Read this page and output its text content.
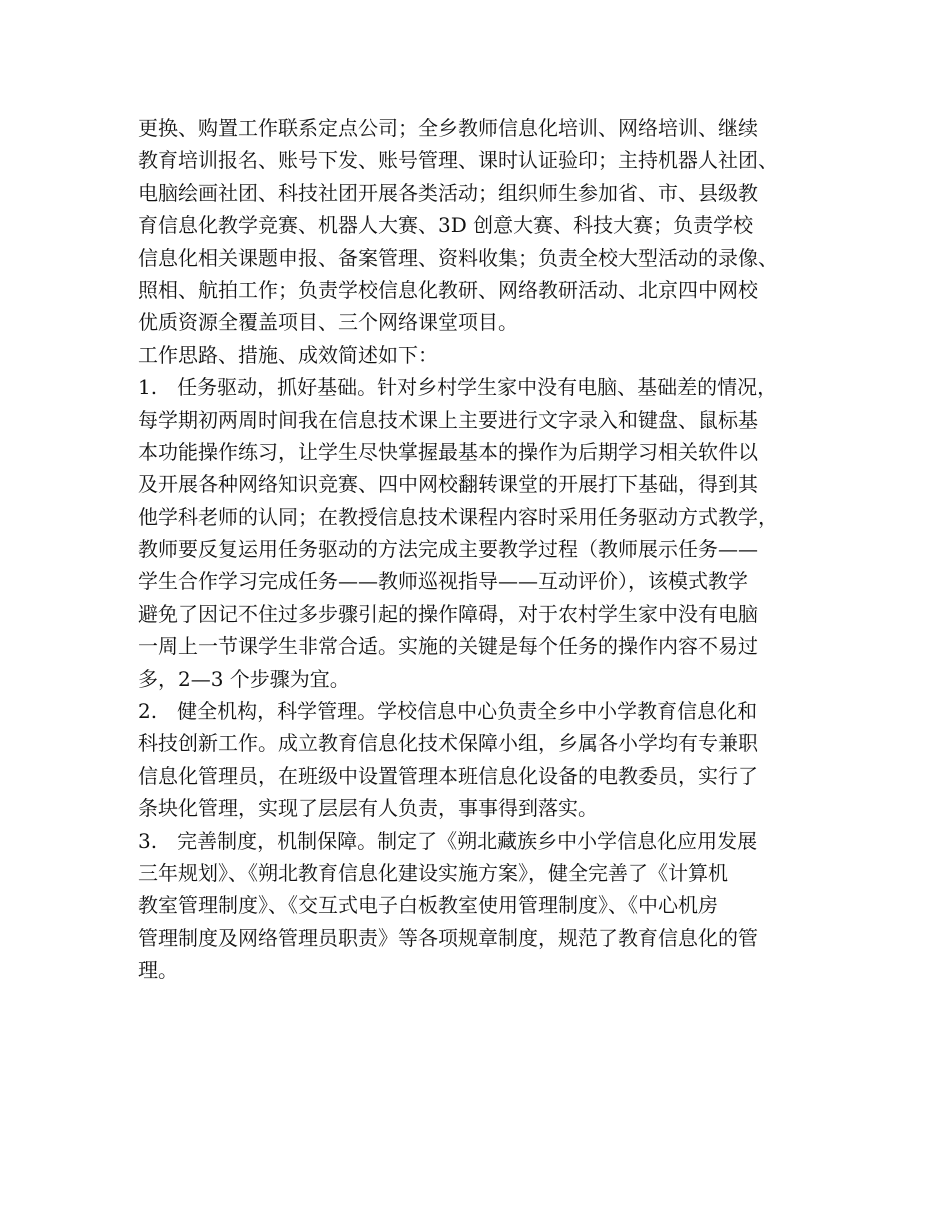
更换、购置工作联系定点公司；全乡教师信息化培训、网络培训、继续
教育培训报名、账号下发、账号管理、课时认证验印；主持机器人社团、
电脑绘画社团、科技社团开展各类活动；组织师生参加省、市、县级教
育信息化教学竞赛、机器人大赛、3D 创意大赛、科技大赛；负责学校
信息化相关课题申报、备案管理、资料收集；负责全校大型活动的录像、
照相、航拍工作；负责学校信息化教研、网络教研活动、北京四中网校
优质资源全覆盖项目、三个网络课堂项目。
工作思路、措施、成效简述如下：
1.　任务驱动，抓好基础。针对乡村学生家中没有电脑、基础差的情况，
每学期初两周时间我在信息技术课上主要进行文字录入和键盘、鼠标基
本功能操作练习，让学生尽快掌握最基本的操作为后期学习相关软件以
及开展各种网络知识竞赛、四中网校翻转课堂的开展打下基础，得到其
他学科老师的认同；在教授信息技术课程内容时采用任务驱动方式教学，
教师要反复运用任务驱动的方法完成主要教学过程（教师展示任务——
学生合作学习完成任务——教师巡视指导——互动评价），该模式教学
避免了因记不住过多步骤引起的操作障碍，对于农村学生家中没有电脑
一周上一节课学生非常合适。实施的关键是每个任务的操作内容不易过
多，2—3 个步骤为宜。
2.　健全机构，科学管理。学校信息中心负责全乡中小学教育信息化和
科技创新工作。成立教育信息化技术保障小组，乡属各小学均有专兼职
信息化管理员，在班级中设置管理本班信息化设备的电教委员，实行了
条块化管理，实现了层层有人负责，事事得到落实。
3.　完善制度，机制保障。制定了《朔北藏族乡中小学信息化应用发展
三年规划》、《朔北教育信息化建设实施方案》，健全完善了《计算机
教室管理制度》、《交互式电子白板教室使用管理制度》、《中心机房
管理制度及网络管理员职责》等各项规章制度，规范了教育信息化的管
理。
